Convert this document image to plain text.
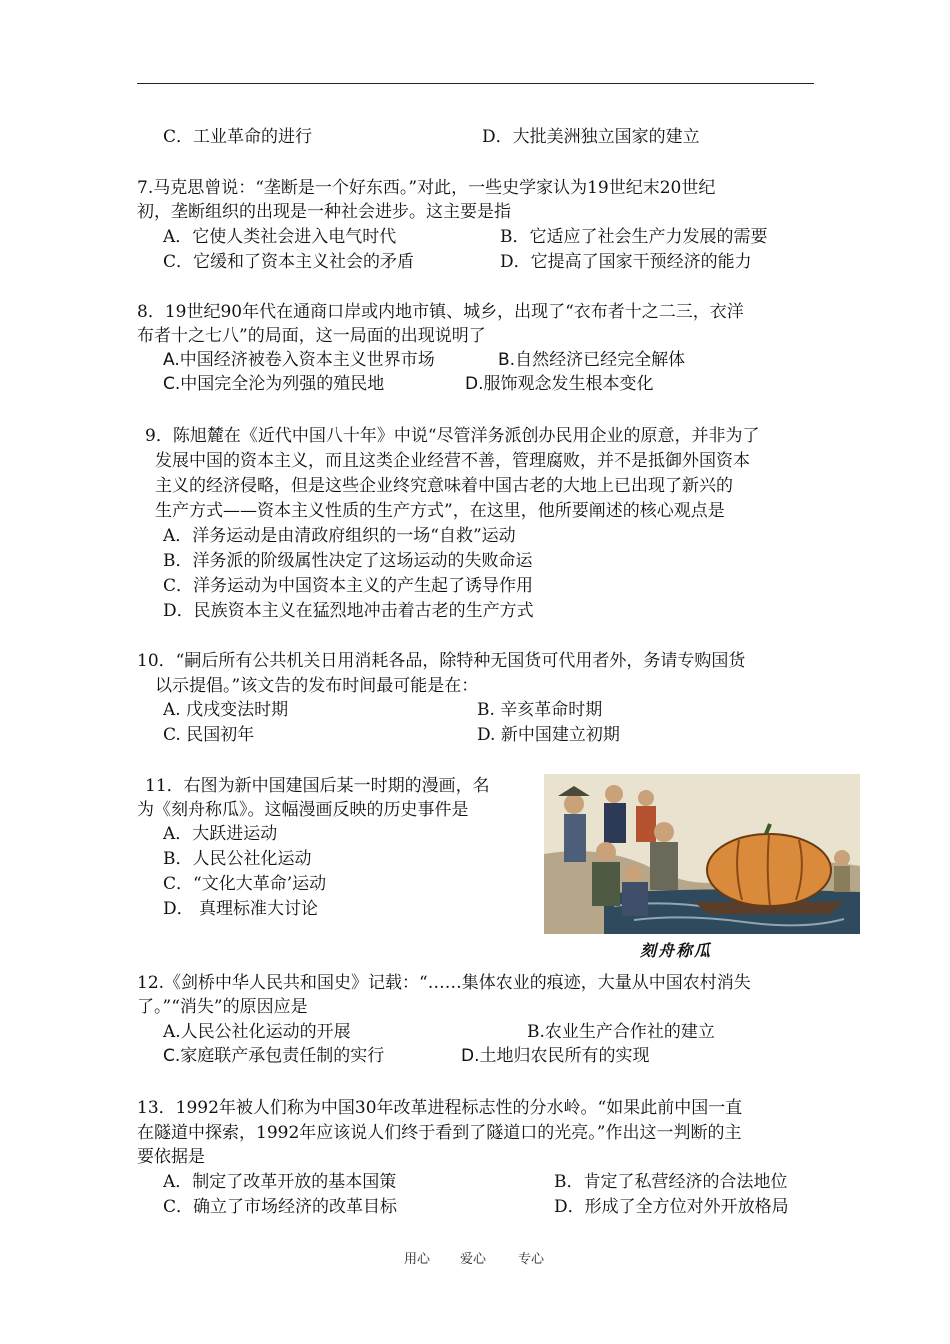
C．工业革命的进行	D．大批美洲独立国家的建立
7.马克思曾说：“垄断是一个好东西。”对此，一些史学家认为19世纪末20世纪
初，垄断组织的出现是一种社会进步。这主要是指
A．它使人类社会进入电气时代	B．它适应了社会生产力发展的需要
C．它缓和了资本主义社会的矛盾	D．它提高了国家干预经济的能力
8．19世纪90年代在通商口岸或内地市镇、城乡，出现了“衣布者十之二三，衣洋
布者十之七八”的局面，这一局面的出现说明了
A.中国经济被卷入资本主义世界市场	B.自然经济已经完全解体
C.中国完全沦为列强的殖民地	D.服饰观念发生根本变化
9．陈旭麓在《近代中国八十年》中说“尽管洋务派创办民用企业的原意，并非为了
发展中国的资本主义，而且这类企业经营不善，管理腐败，并不是抵御外国资本
主义的经济侵略，但是这些企业终究意味着中国古老的大地上已出现了新兴的
生产方式——资本主义性质的生产方式”，在这里，他所要阐述的核心观点是
A．洋务运动是由清政府组织的一场“自救”运动
B．洋务派的阶级属性决定了这场运动的失败命运
C．洋务运动为中国资本主义的产生起了诱导作用
D．民族资本主义在猛烈地冲击着古老的生产方式
10．“嗣后所有公共机关日用消耗各品，除特种无国货可代用者外，务请专购国货
以示提倡。”该文告的发布时间最可能是在：
A. 戊戌变法时期	B. 辛亥革命时期
C. 民国初年	D. 新中国建立初期
11．右图为新中国建国后某一时期的漫画，名
为《刻舟称瓜》。这幅漫画反映的历史事件是
A．大跃进运动
B．人民公社化运动
C．“文化大革命’运动
D． 真理标准大讨论
刻舟称瓜
12.《剑桥中华人民共和国史》记载：“……集体农业的痕迹，大量从中国农村消失
了。”“消失”的原因应是
A.人民公社化运动的开展	B.农业生产合作社的建立
C.家庭联产承包责任制的实行	D.土地归农民所有的实现
13．1992年被人们称为中国30年改革进程标志性的分水岭。“如果此前中国一直
在隧道中探索，1992年应该说人们终于看到了隧道口的光亮。”作出这一判断的主
要依据是
A．制定了改革开放的基本国策	B．肯定了私营经济的合法地位
C．确立了市场经济的改革目标	D．形成了全方位对外开放格局
用心 爱心 专心
